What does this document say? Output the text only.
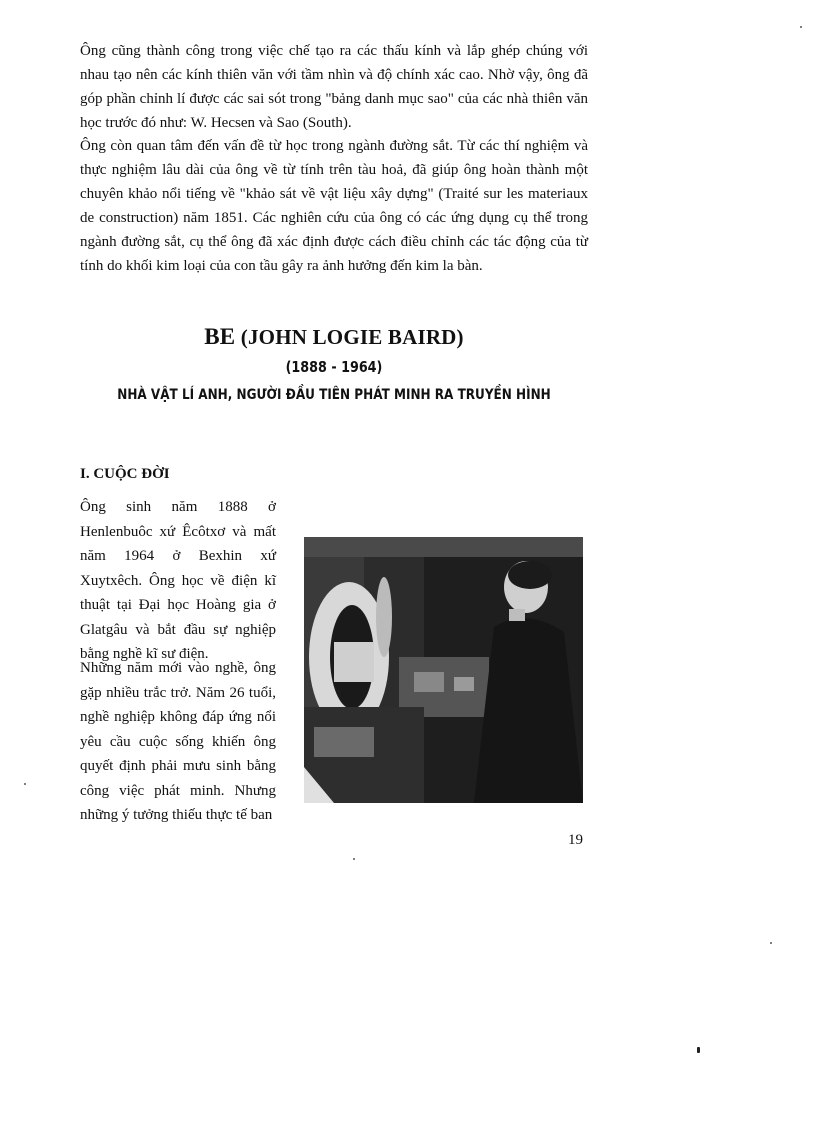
Ông cũng thành công trong việc chế tạo ra các thấu kính và lắp ghép chúng với nhau tạo nên các kính thiên văn với tầm nhìn và độ chính xác cao. Nhờ vậy, ông đã góp phần chỉnh lí được các sai sót trong "bảng danh mục sao" của các nhà thiên văn học trước đó như: W. Hecsen và Sao (South).

Ông còn quan tâm đến vấn đề từ học trong ngành đường sắt. Từ các thí nghiệm và thực nghiệm lâu dài của ông về từ tính trên tàu hoả, đã giúp ông hoàn thành một chuyên khảo nổi tiếng về "khảo sát về vật liệu xây dựng" (Traité sur les materiaux de construction) năm 1851. Các nghiên cứu của ông có các ứng dụng cụ thể trong ngành đường sắt, cụ thể ông đã xác định được cách điều chỉnh các tác động của từ tính do khối kim loại của con tầu gây ra ảnh hưởng đến kim la bàn.

BE (JOHN LOGIE BAIRD)
(1888 - 1964)
NHÀ VẬT LÍ ANH, NGƯỜI ĐẦU TIÊN PHÁT MINH RA TRUYỀN HÌNH
I. CUỘC ĐỜI

Ông sinh năm 1888 ở Henlenbuôc xứ Êcôtxơ và mất năm 1964 ở Bexhin xứ Xuytxêch. Ông học về điện kĩ thuật tại Đại học Hoàng gia ở Glatgâu và bắt đầu sự nghiệp bằng nghề kĩ sư điện.

Những năm mới vào nghề, ông gặp nhiều trắc trở. Năm 26 tuổi, nghề nghiệp không đáp ứng nổi yêu cầu cuộc sống khiến ông quyết định phải mưu sinh bằng công việc phát minh. Nhưng những ý tưởng thiếu thực tế ban

19
